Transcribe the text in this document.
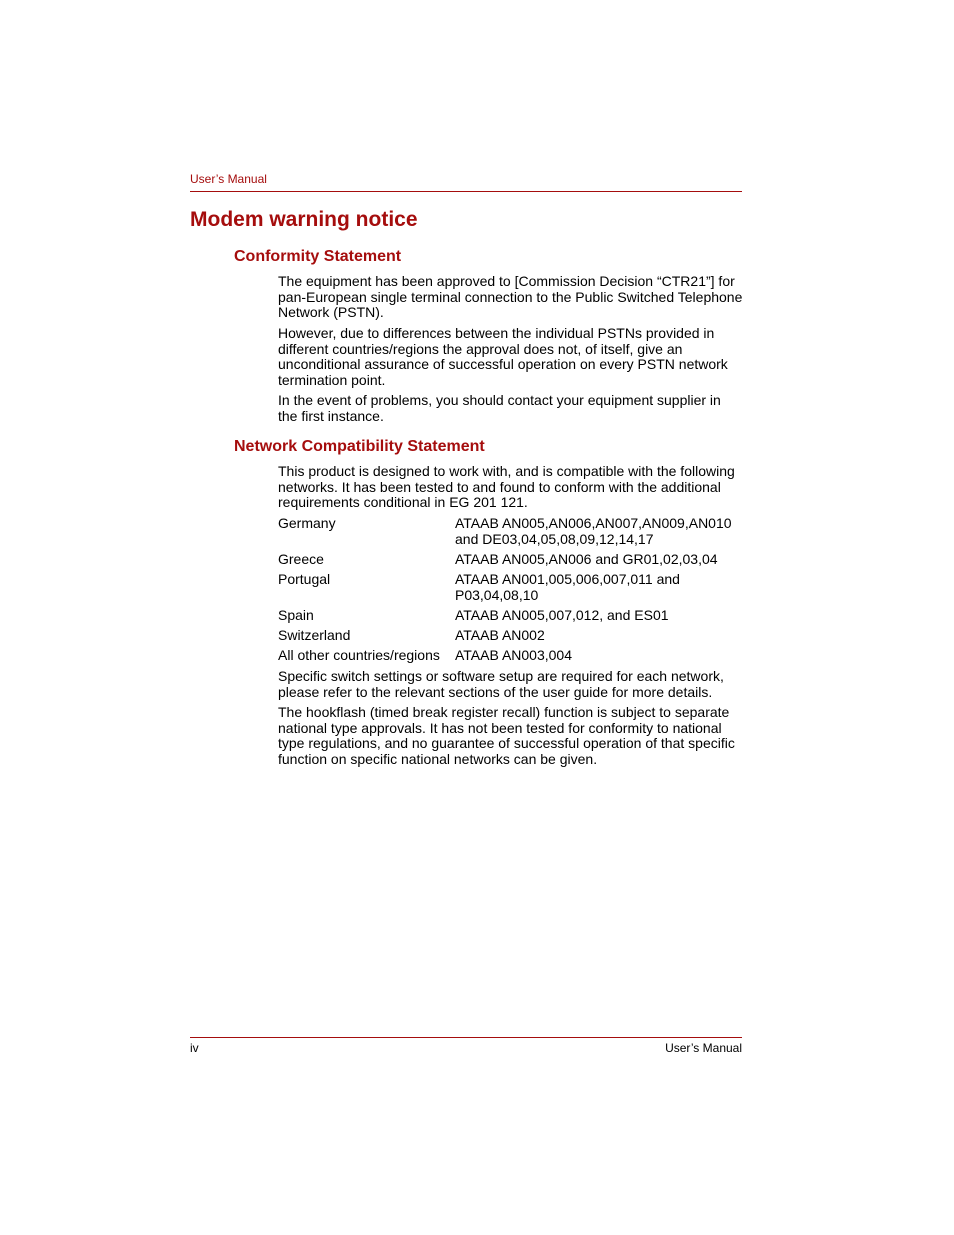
User’s Manual
Modem warning notice
Conformity Statement

The equipment has been approved to [Commission Decision “CTR21”] for pan-European single terminal connection to the Public Switched Telephone Network (PSTN).

However, due to differences between the individual PSTNs provided in different countries/regions the approval does not, of itself, give an unconditional assurance of successful operation on every PSTN network termination point.

In the event of problems, you should contact your equipment supplier in the first instance.

Network Compatibility Statement

This product is designed to work with, and is compatible with the following networks. It has been tested to and found to conform with the additional requirements conditional in EG 201 121.

Germany	ATAAB AN005,AN006,AN007,AN009,AN010
and DE03,04,05,08,09,12,14,17
Greece	ATAAB AN005,AN006 and GR01,02,03,04
Portugal	ATAAB AN001,005,006,007,011 and
P03,04,08,10
Spain	ATAAB AN005,007,012, and ES01
Switzerland	ATAAB AN002
All other countries/regions ATAAB AN003,004

Specific switch settings or software setup are required for each network, please refer to the relevant sections of the user guide for more details.

The hookflash (timed break register recall) function is subject to separate national type approvals. It has not been tested for conformity to national type regulations, and no guarantee of successful operation of that specific function on specific national networks can be given.

iv	User’s Manual
